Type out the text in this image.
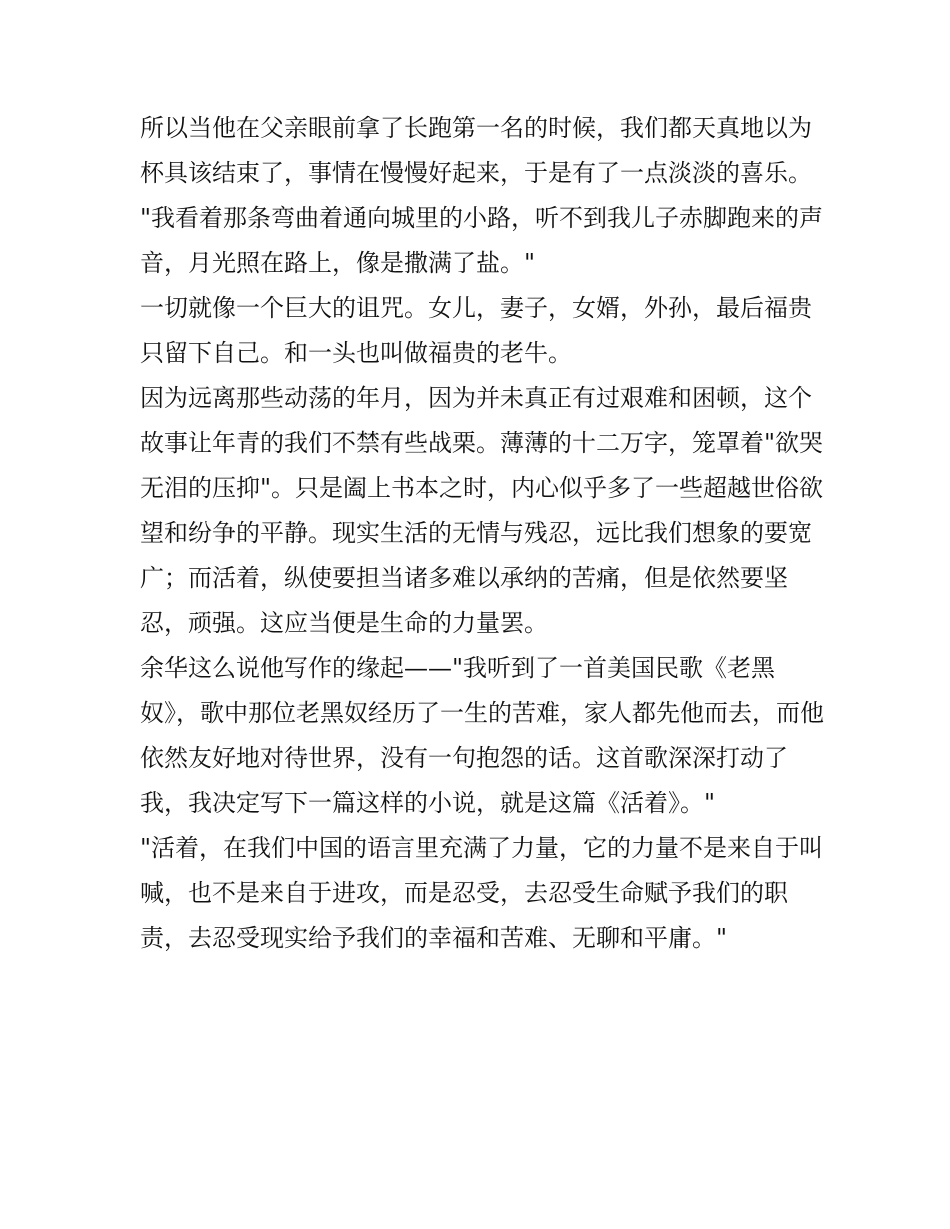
所以当他在父亲眼前拿了长跑第一名的时候，我们都天真地以为杯具该结束了，事情在慢慢好起来，于是有了一点淡淡的喜乐。

"我看着那条弯曲着通向城里的小路，听不到我儿子赤脚跑来的声音，月光照在路上，像是撒满了盐。"

一切就像一个巨大的诅咒。女儿，妻子，女婿，外孙，最后福贵只留下自己。和一头也叫做福贵的老牛。

因为远离那些动荡的年月，因为并未真正有过艰难和困顿，这个故事让年青的我们不禁有些战栗。薄薄的十二万字，笼罩着"欲哭无泪的压抑"。只是阖上书本之时，内心似乎多了一些超越世俗欲望和纷争的平静。现实生活的无情与残忍，远比我们想象的要宽广；而活着，纵使要担当诸多难以承纳的苦痛，但是依然要坚忍，顽强。这应当便是生命的力量罢。

余华这么说他写作的缘起——"我听到了一首美国民歌《老黑奴》，歌中那位老黑奴经历了一生的苦难，家人都先他而去，而他依然友好地对待世界，没有一句抱怨的话。这首歌深深打动了我，我决定写下一篇这样的小说，就是这篇《活着》。"

"活着，在我们中国的语言里充满了力量，它的力量不是来自于叫喊，也不是来自于进攻，而是忍受，去忍受生命赋予我们的职责，去忍受现实给予我们的幸福和苦难、无聊和平庸。"
